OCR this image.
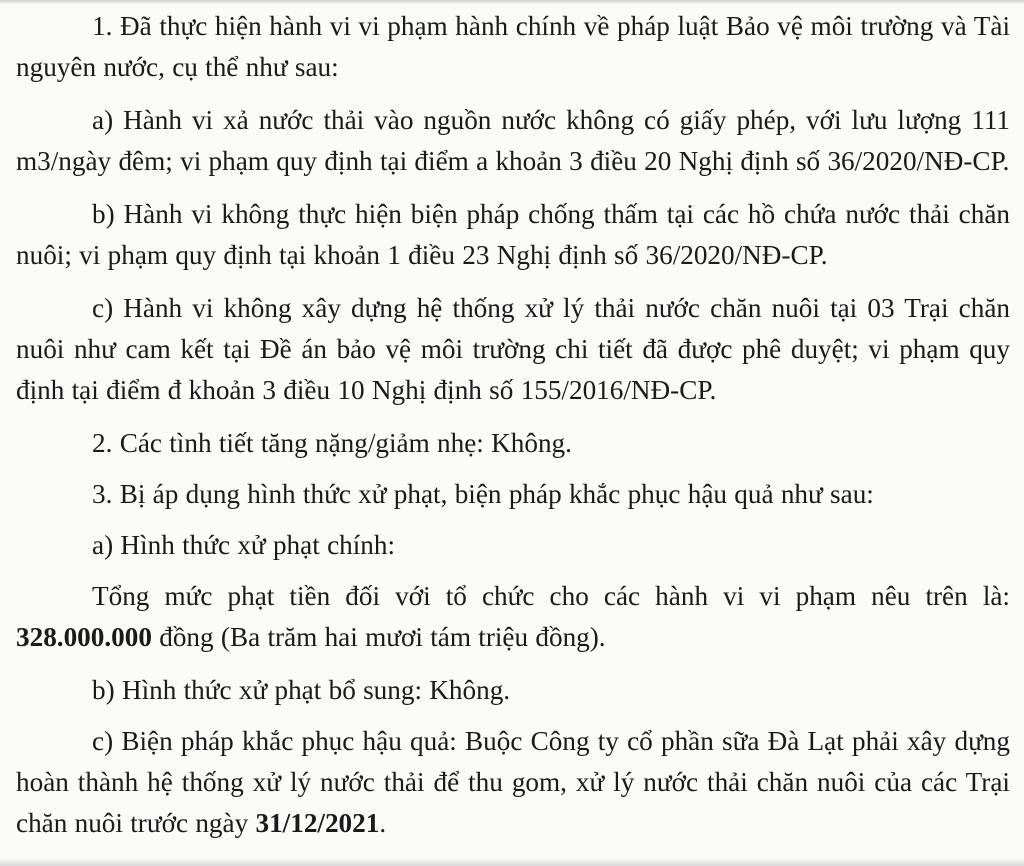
1. Đã thực hiện hành vi vi phạm hành chính về pháp luật Bảo vệ môi trường và Tài nguyên nước, cụ thể như sau:

a) Hành vi xả nước thải vào nguồn nước không có giấy phép, với lưu lượng 111 m3/ngày đêm; vi phạm quy định tại điểm a khoản 3 điều 20 Nghị định số 36/2020/NĐ-CP.

b) Hành vi không thực hiện biện pháp chống thấm tại các hồ chứa nước thải chăn nuôi; vi phạm quy định tại khoản 1 điều 23 Nghị định số 36/2020/NĐ-CP.

c) Hành vi không xây dựng hệ thống xử lý thải nước chăn nuôi tại 03 Trại chăn nuôi như cam kết tại Đề án bảo vệ môi trường chi tiết đã được phê duyệt; vi phạm quy định tại điểm đ khoản 3 điều 10 Nghị định số 155/2016/NĐ-CP.

2. Các tình tiết tăng nặng/giảm nhẹ: Không.

3. Bị áp dụng hình thức xử phạt, biện pháp khắc phục hậu quả như sau:

a) Hình thức xử phạt chính:

Tổng mức phạt tiền đối với tổ chức cho các hành vi vi phạm nêu trên là: 328.000.000 đồng (Ba trăm hai mươi tám triệu đồng).

b) Hình thức xử phạt bổ sung: Không.

c) Biện pháp khắc phục hậu quả: Buộc Công ty cổ phần sữa Đà Lạt phải xây dựng hoàn thành hệ thống xử lý nước thải để thu gom, xử lý nước thải chăn nuôi của các Trại chăn nuôi trước ngày 31/12/2021.
